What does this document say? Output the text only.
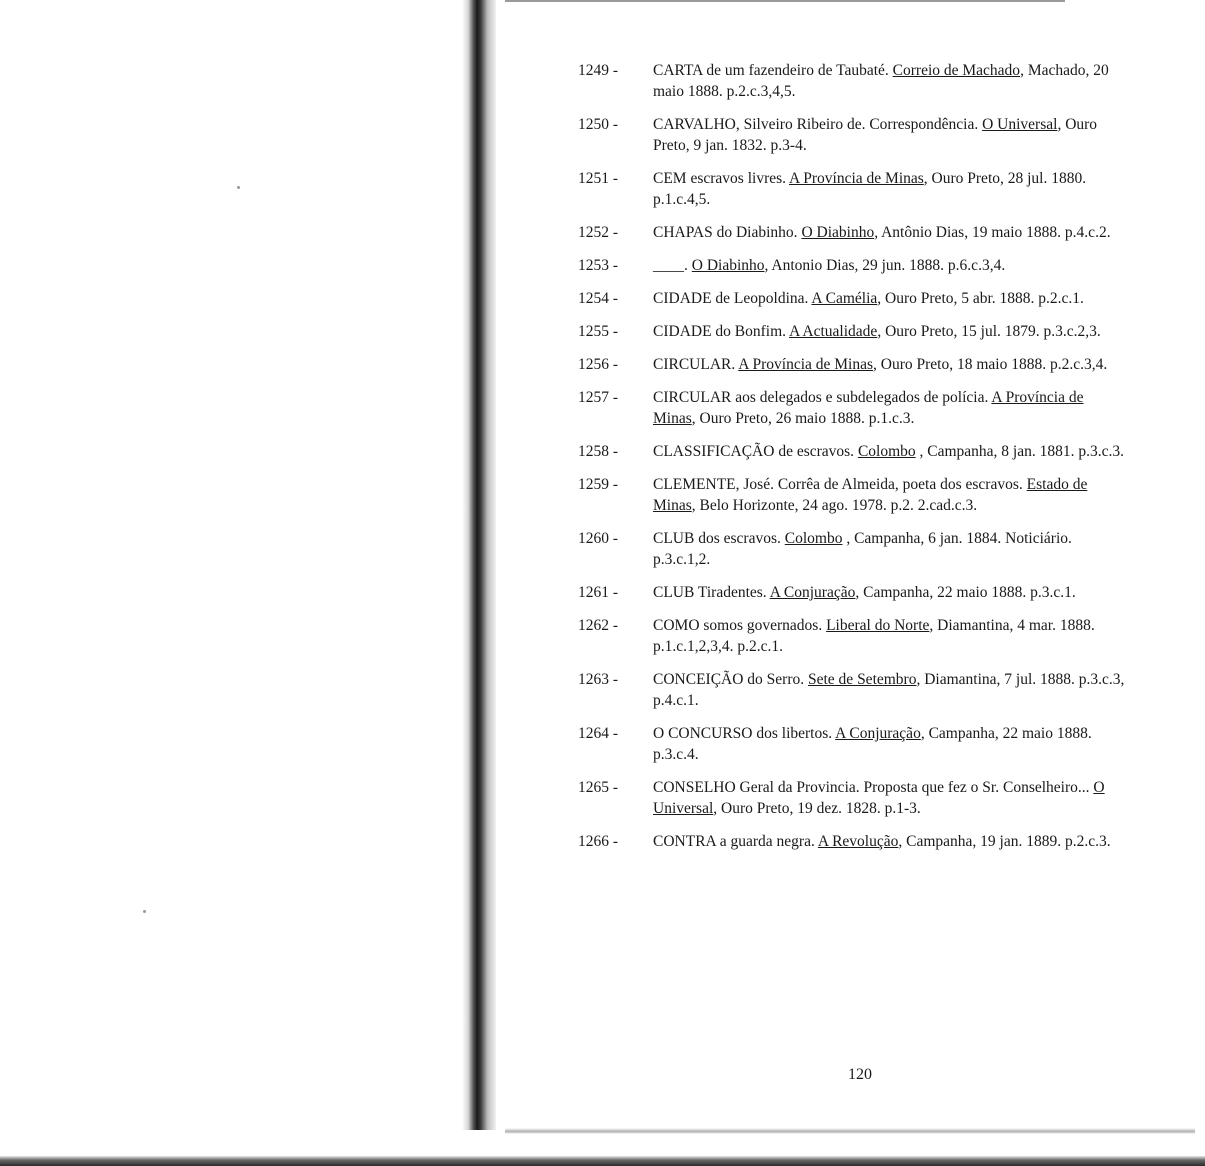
1249 - CARTA de um fazendeiro de Taubaté. Correio de Machado, Machado, 20 maio 1888. p.2.c.3,4,5.
1250 - CARVALHO, Silveiro Ribeiro de. Correspondência. O Universal, Ouro Preto, 9 jan. 1832. p.3-4.
1251 - CEM escravos livres. A Província de Minas, Ouro Preto, 28 jul. 1880. p.1.c.4,5.
1252 - CHAPAS do Diabinho. O Diabinho, Antônio Dias, 19 maio 1888. p.4.c.2.
1253 - ____. O Diabinho, Antonio Dias, 29 jun. 1888. p.6.c.3,4.
1254 - CIDADE de Leopoldina. A Camélia, Ouro Preto, 5 abr. 1888. p.2.c.1.
1255 - CIDADE do Bonfim. A Actualidade, Ouro Preto, 15 jul. 1879. p.3.c.2,3.
1256 - CIRCULAR. A Província de Minas, Ouro Preto, 18 maio 1888. p.2.c.3,4.
1257 - CIRCULAR aos delegados e subdelegados de polícia. A Província de Minas, Ouro Preto, 26 maio 1888. p.1.c.3.
1258 - CLASSIFICAÇÃO de escravos. Colombo , Campanha, 8 jan. 1881. p.3.c.3.
1259 - CLEMENTE, José. Corrêa de Almeida, poeta dos escravos. Estado de Minas, Belo Horizonte, 24 ago. 1978. p.2. 2.cad.c.3.
1260 - CLUB dos escravos. Colombo , Campanha, 6 jan. 1884. Noticiário. p.3.c.1,2.
1261 - CLUB Tiradentes. A Conjuração, Campanha, 22 maio 1888. p.3.c.1.
1262 - COMO somos governados. Liberal do Norte, Diamantina, 4 mar. 1888. p.1.c.1,2,3,4. p.2.c.1.
1263 - CONCEIÇÃO do Serro. Sete de Setembro, Diamantina, 7 jul. 1888. p.3.c.3, p.4.c.1.
1264 - O CONCURSO dos libertos. A Conjuração, Campanha, 22 maio 1888. p.3.c.4.
1265 - CONSELHO Geral da Provincia. Proposta que fez o Sr. Conselheiro... O Universal, Ouro Preto, 19 dez. 1828. p.1-3.
1266 - CONTRA a guarda negra. A Revolução, Campanha, 19 jan. 1889. p.2.c.3.
120
